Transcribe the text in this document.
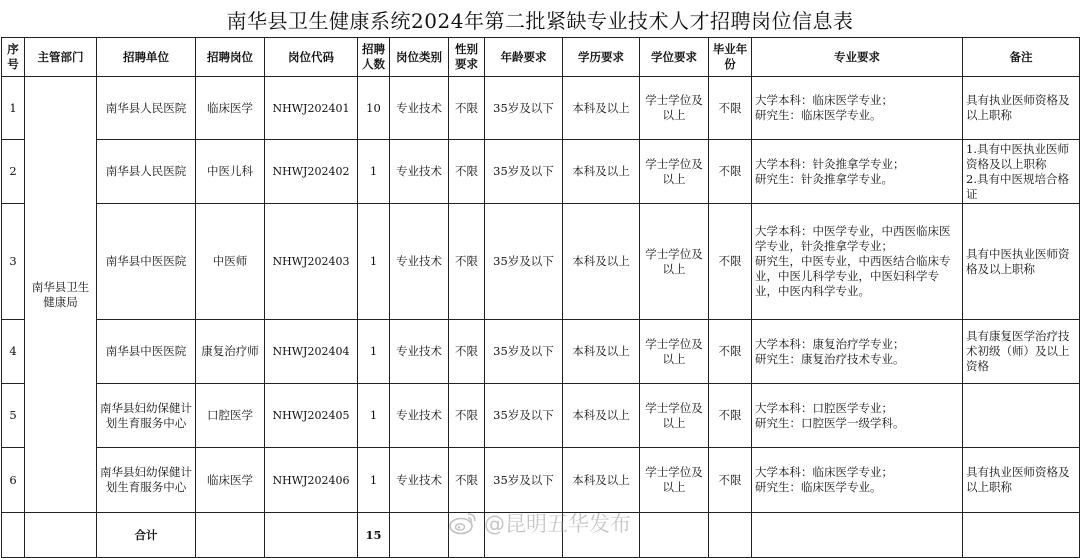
南华县卫生健康系统2024年第二批紧缺专业技术人才招聘岗位信息表
序号	主管部门	招聘单位	招聘岗位	岗位代码	招聘人数	岗位类别	性别要求	年龄要求	学历要求	学位要求	毕业年份	专业要求	备注
1	南华县卫生健康局	南华县人民医院	临床医学	NHWJ202401	10	专业技术	不限	35岁及以下	本科及以上	学士学位及以上	不限	大学本科：临床医学专业；
研究生：临床医学专业。	具有执业医师资格及以上职称
2		南华县人民医院	中医儿科	NHWJ202402	1	专业技术	不限	35岁及以下	本科及以上	学士学位及以上	不限	大学本科：针灸推拿学专业；
研究生：针灸推拿学专业。	1.具有中医执业医师资格及以上职称
2.具有中医规培合格证
3		南华县中医医院	中医师	NHWJ202403	1	专业技术	不限	35岁及以下	本科及以上	学士学位及以上	不限	大学本科：中医学专业，中西医临床医学专业，针灸推拿学专业；
研究生，中医专业，中西医结合临床专业，中医儿科学专业，中医妇科学专业，中医内科学专业。	具有中医执业医师资格及以上职称
4		南华县中医医院	康复治疗师	NHWJ202404	1	专业技术	不限	35岁及以下	本科及以上	学士学位及以上	不限	大学本科：康复治疗学专业；
研究生：康复治疗技术专业。	具有康复医学治疗技术初级（师）及以上资格
5		南华县妇幼保健计划生育服务中心	口腔医学	NHWJ202405	1	专业技术	不限	35岁及以下	本科及以上	学士学位及以上	不限	大学本科：口腔医学专业；
研究生：口腔医学一级学科。	
6		南华县妇幼保健计划生育服务中心	临床医学	NHWJ202406	1	专业技术	不限	35岁及以下	本科及以上	学士学位及以上	不限	大学本科：临床医学专业；
研究生：临床医学专业。	具有执业医师资格及以上职称
		合计			15									@昆明五华发布
